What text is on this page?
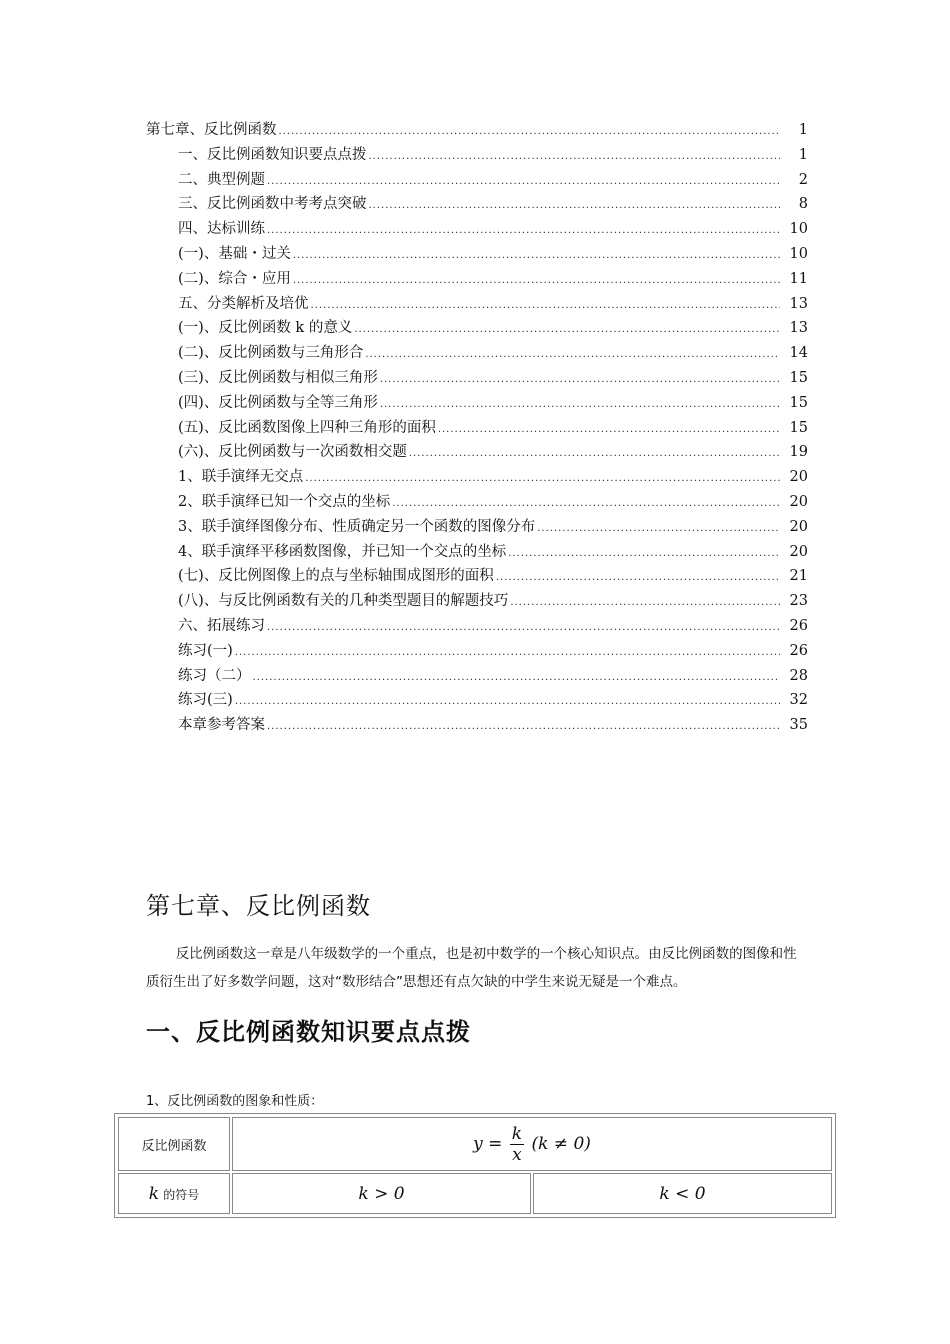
第七章、反比例函数 .....	1
一、反比例函数知识要点点拨 .....	1
二、典型例题 .....	2
三、反比例函数中考考点突破 .....	8
四、达标训练 .....	10
(一)、基础・过关 .....	10
(二)、综合・应用 .....	11
五、分类解析及培优 .....	13
(一)、反比例函数 k 的意义 .....	13
(二)、反比例函数与三角形合 .....	14
(三)、反比例函数与相似三角形 .....	15
(四)、反比例函数与全等三角形 .....	15
(五)、反比函数图像上四种三角形的面积 .....	15
(六)、反比例函数与一次函数相交题 .....	19
1、联手演绎无交点 .....	20
2、联手演绎已知一个交点的坐标 .....	20
3、联手演绎图像分布、性质确定另一个函数的图像分布 .....	20
4、联手演绎平移函数图像，并已知一个交点的坐标 .....	20
(七)、反比例图像上的点与坐标轴围成图形的面积 .....	21
(八)、与反比例函数有关的几种类型题目的解题技巧 .....	23
六、拓展练习 .....	26
练习(一) .....	26
练习（二） .....	28
练习(三) .....	32
本章参考答案 .....	35
第七章、反比例函数
反比例函数这一章是八年级数学的一个重点，也是初中数学的一个核心知识点。由反比例函数的图像和性质衍生出了好多数学问题，这对“数形结合”思想还有点欠缺的中学生来说无疑是一个难点。
一、反比例函数知识要点点拨
1、反比例函数的图象和性质：
反比例函数	$y = \frac{k}{x} (k \ne 0)$	
k 的符号	k > 0	k < 0
